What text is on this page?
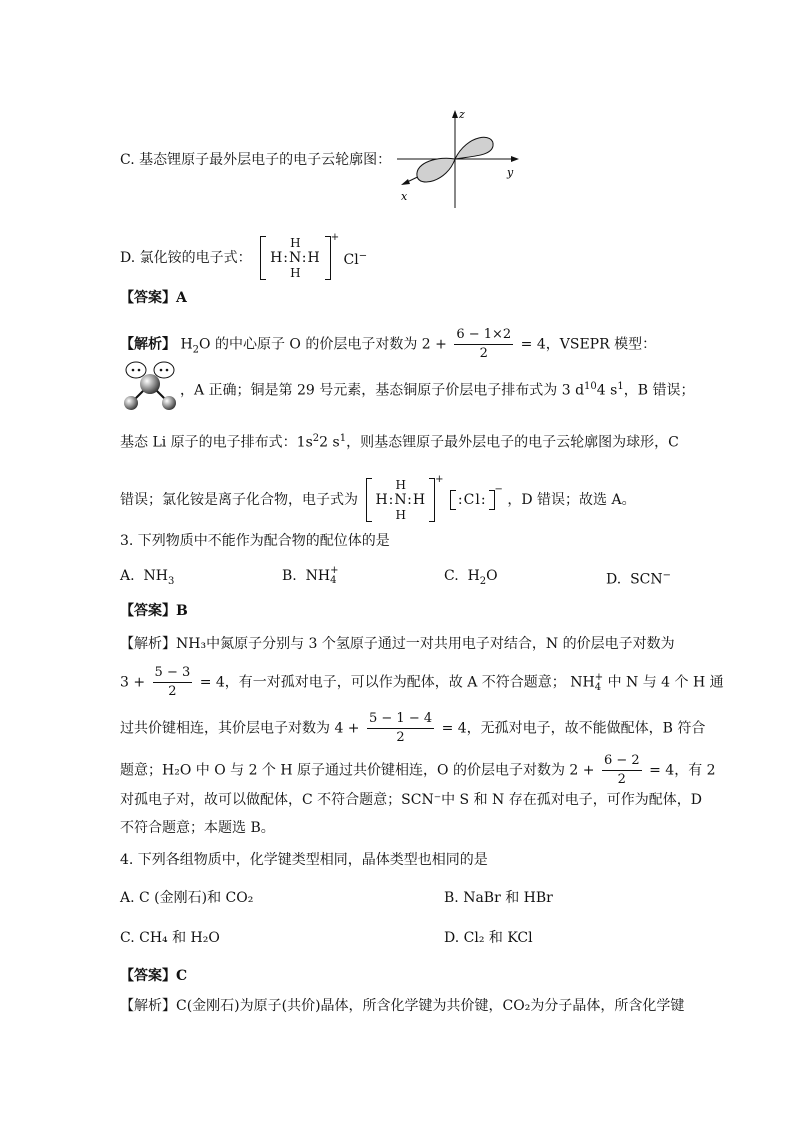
C. 基态锂原子最外层电子的电子云轮廓图：
z
y
x
D. 氯化铵的电子式：
H
H:N:H
H
+ Cl−
【答案】A
【解析】 $H_2O$ 的中心原子 O 的价层电子对数为 $2 + \frac{6 - 1\times 2}{2} = 4$，VSEPR 模型：
，A 正确；铜是第 29 号元素，基态铜原子价层电子排布式为 3 $d^{10}4$ $s^1$，B 错误；
基态 Li 原子的电子排布式：$1s^22$ $s^1$，则基态锂原子最外层电子的电子云轮廓图为球形，C
错误；氯化铵是离子化合物，电子式为
H
H:N:H
H
+
:Cl:
− ，D 错误；故选 A。
3. 下列物质中不能作为配合物的配位体的是
A. $NH_3$	B. NH +
4	C. $H_2O$	D. SCN−
【答案】B
【解析】NH₃中氮原子分别与 3 个氢原子通过一对共用电子对结合，N 的价层电子对数为
$3 + \frac{5 - 3}{2} = 4$，有一对孤对电子，可以作为配体，故 A 不符合题意； NH +
4 中 N 与 4 个 H 通
过共价键相连，其价层电子对数为 $4 + \frac{5 - 1 - 4}{2} = 4$，无孤对电子，故不能做配体，B 符合
题意；H₂O 中 O 与 2 个 H 原子通过共价键相连，O 的价层电子对数为 $2 + \frac{6 - 2}{2} = 4$，有 2
对孤电子对，故可以做配体，C 不符合题意；SCN⁻中 S 和 N 存在孤对电子，可作为配体，D
不符合题意；本题选 B。
4. 下列各组物质中，化学键类型相同，晶体类型也相同的是
A. C (金刚石)和 CO₂	B. NaBr 和 HBr
C. CH₄ 和 H₂O	D. Cl₂ 和 KCl
【答案】C
【解析】C(金刚石)为原子(共价)晶体，所含化学键为共价键，CO₂为分子晶体，所含化学键
